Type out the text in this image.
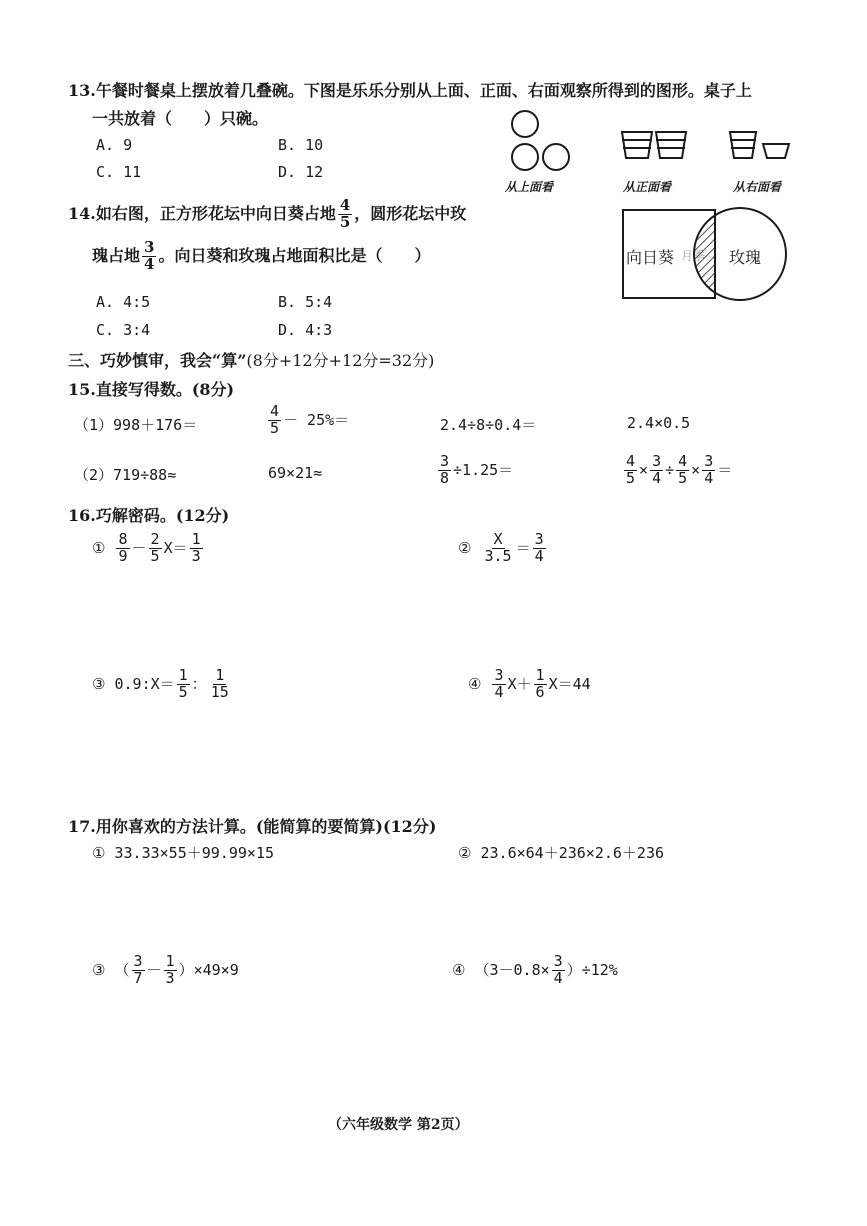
13.午餐时餐桌上摆放着几叠碗。下图是乐乐分别从上面、正面、右面观察所得到的图形。桌子上
一共放着（　　）只碗。
A. 9	B. 10
C. 11	D. 12
从上面看	从正面看	从右面看
14.如右图，正方形花坛中向日葵占地 $\frac{4}{5}$ ，圆形花坛中玫
瑰占地 $\frac{3}{4}$ 。向日葵和玫瑰占地面积比是（　　）
A. 4:5	B. 5:4
C. 3:4	D. 4:3
向日葵	玫瑰
月季
三、巧妙慎审，我会“算”(8分+12分+12分=32分)
15.直接写得数。(8分)
（1）998＋176＝	$\frac{4}{5} - 25\%=$	2.4÷8÷0.4＝	2.4×0.5
（2）719÷88≈	69×21≈	$\frac{3}{8} \div 1.25=$	$\frac{4}{5} \times \frac{3}{4} \div \frac{4}{5} \times \frac{3}{4}$ ＝
16.巧解密码。(12分)
① $\frac{8}{9} - \frac{2}{5} X= \frac{1}{3}$	② $\frac{X}{3.5} = \frac{3}{4}$
③ 0.9:X＝ $\frac{1}{5}$ ： $\frac{1}{15}$	④ $\frac{3}{4} X+ \frac{1}{6} X=44$
17.用你喜欢的方法计算。(能简算的要简算)(12分)
① 33.33×55＋99.99×15	② 23.6×64＋236×2.6＋236
③ （ $\frac{3}{7} - \frac{1}{3} )\times 49\times 9$	④ $(3-0.8\times \frac{3}{4} )\div 12\%$
（六年级数学 第2页）
